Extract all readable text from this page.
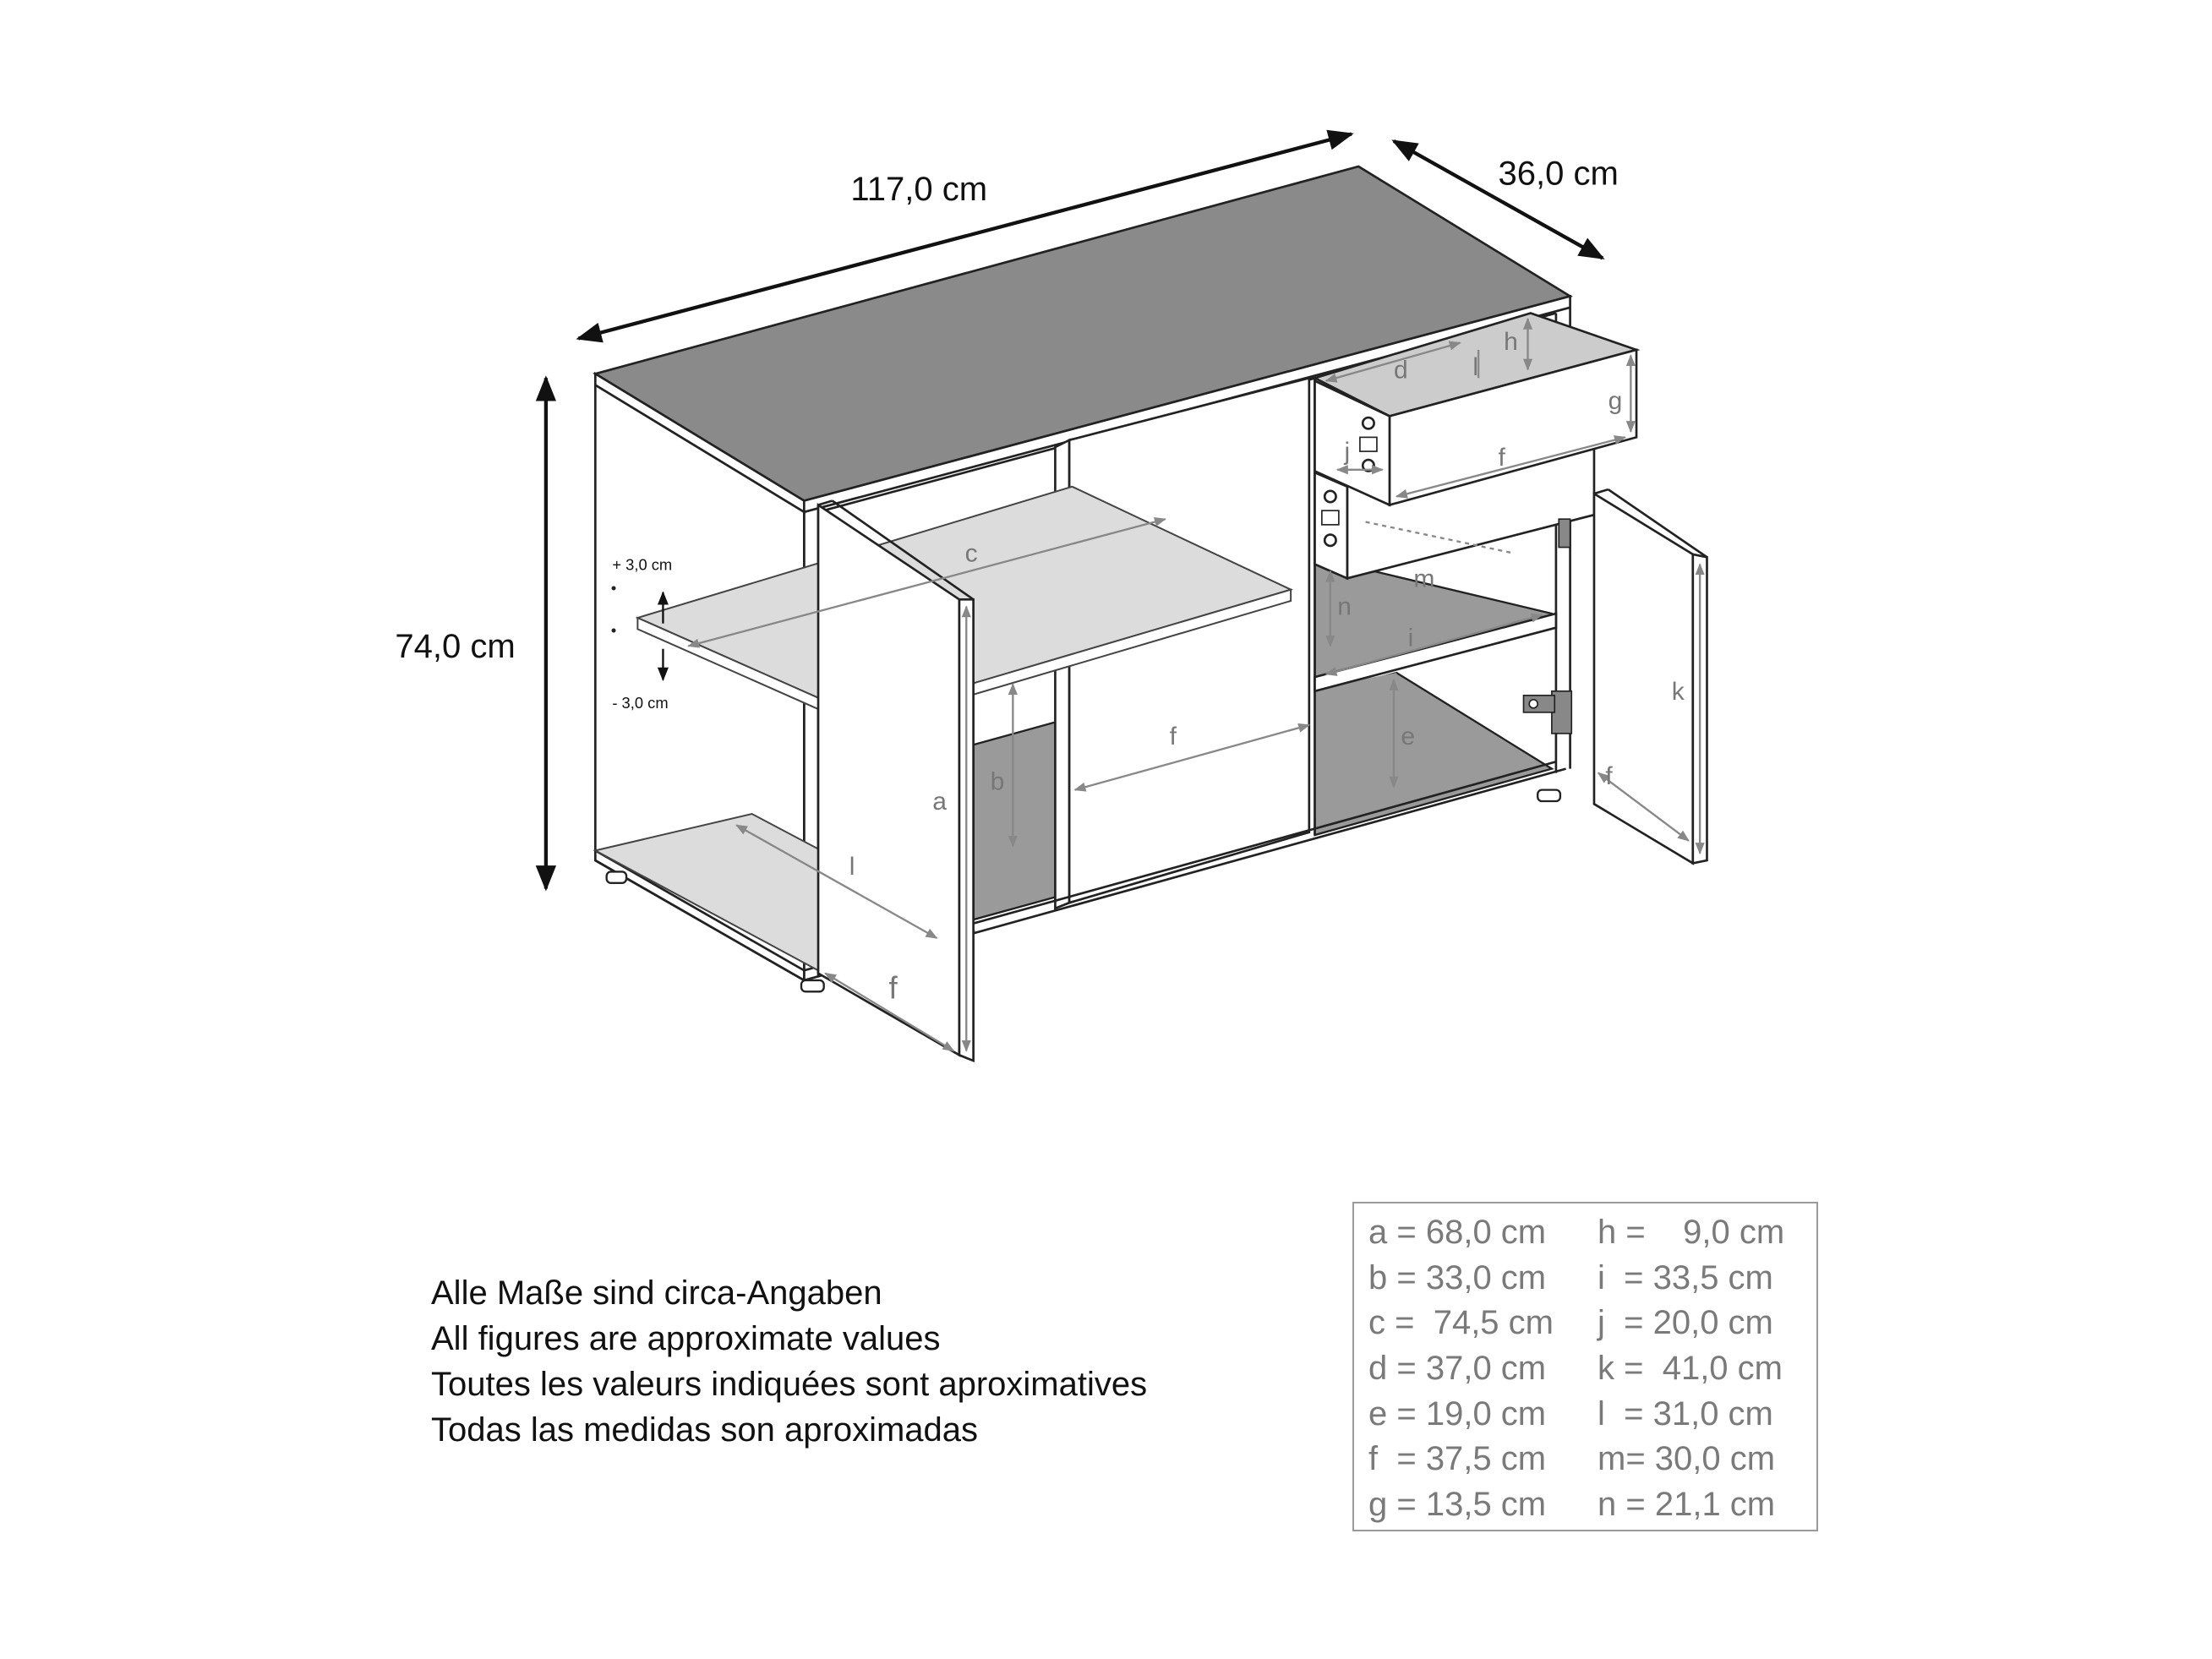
+ 3,0 cm
- 3,0 cm
117,0 cm	36,0 cm
74,0 cm
c
a
b
l
f
f	e
i
n
m
d	l
h
g
f
j
k
f
Alle Maße sind circa-Angaben
All figures are approximate values
Toutes les valeurs indiquées sont aproximatives
Todas las medidas son aproximadas
a = 68,0 cm	h =    9,0 cm
b = 33,0 cm	i  = 33,5 cm
c =  74,5 cm	j  = 20,0 cm
d = 37,0 cm	k =  41,0 cm
e = 19,0 cm	l  = 31,0 cm
f  = 37,5 cm	m= 30,0 cm
g = 13,5 cm	n = 21,1 cm
